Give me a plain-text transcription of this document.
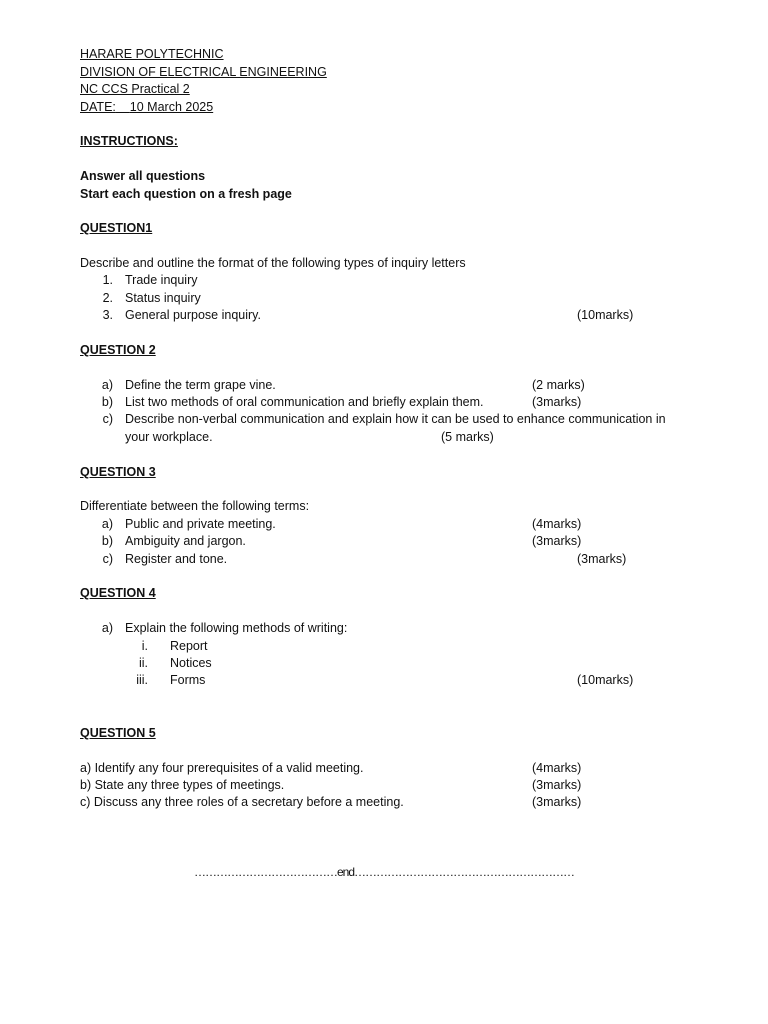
HARARE POLYTECHNIC
DIVISION OF ELECTRICAL ENGINEERING
NC CCS Practical 2
DATE: 10 March 2025
INSTRUCTIONS:
Answer all questions
Start each question on a fresh page
QUESTION1
Describe and outline the format of the following types of inquiry letters
1. Trade inquiry
2. Status inquiry
3. General purpose inquiry.	(10marks)
QUESTION 2
a) Define the term grape vine.	(2 marks)
b) List two methods of oral communication and briefly explain them.	(3marks)
c) Describe non-verbal communication and explain how it can be used to enhance communication in
your workplace.	(5 marks)
QUESTION 3
Differentiate between the following terms:
a) Public and private meeting.	(4marks)
b) Ambiguity and jargon.	(3marks)
c) Register and tone.	(3marks)
QUESTION 4
a) Explain the following methods of writing:
i. Report
ii. Notices
iii. Forms	(10marks)
QUESTION 5
a) Identify any four prerequisites of a valid meeting.	(4marks)
b) State any three types of meetings.	(3marks)
c) Discuss any three roles of a secretary before a meeting.	(3marks)
…………………………………end……………………………………………………
